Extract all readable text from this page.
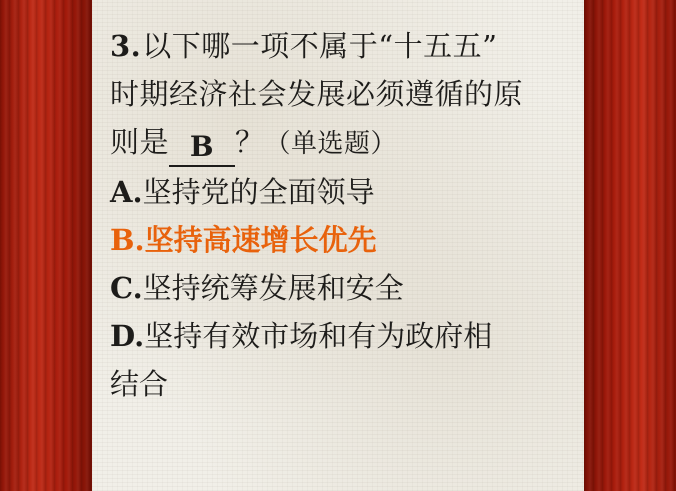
3.以下哪一项不属于“十五五”
时期经济社会发展必须遵循的原
则是 B ？（单选题）
A.坚持党的全面领导
B.坚持高速增长优先
C.坚持统筹发展和安全
D.坚持有效市场和有为政府相
结合
